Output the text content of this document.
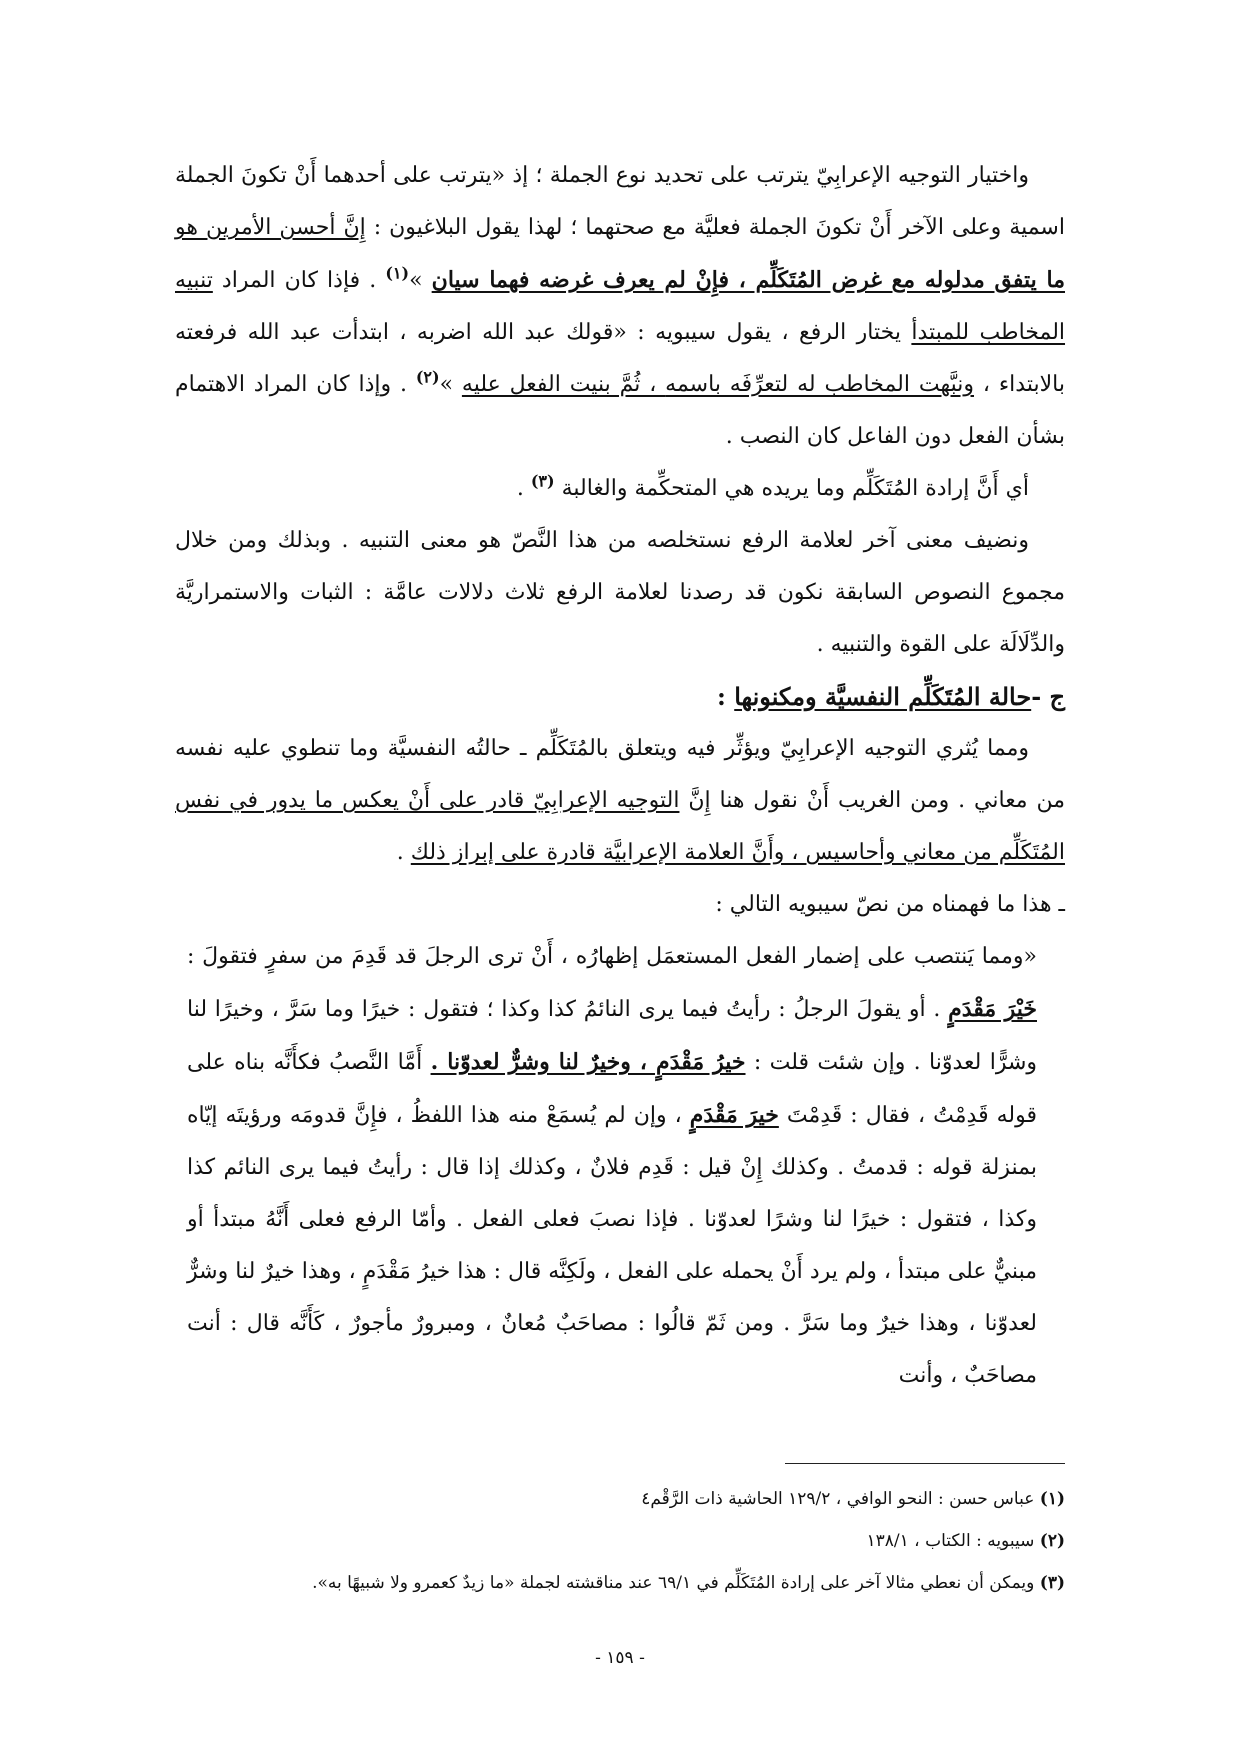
واختيار التوجيه الإعرابِيّ يترتب على تحديد نوع الجملة ؛ إذ «يترتب على أحدهما أَنْ تكونَ الجملة اسمية وعلى الآخر أَنْ تكونَ الجملة فعليَّة مع صحتهما ؛ لهذا يقول البلاغيون : إِنَّ أحسن الأمرين هو ما يتفق مدلوله مع غرض المُتَكَلِّم ، فإِنْ لم يعرف غرضه فهما سيان »$^{(١)}$ . فإذا كان المراد تنبيه المخاطب للمبتدأ يختار الرفع ، يقول سيبويه : «قولك عبد الله اضربه ، ابتدأت عبد الله فرفعته بالابتداء ، ونبَّهت المخاطب له لتعرِّفَه باسمه ، ثُمَّ بنيت الفعل عليه »$^{(٢)}$ . وإذا كان المراد الاهتمام بشأن الفعل دون الفاعل كان النصب .

أي أَنَّ إرادة المُتَكَلِّم وما يريده هي المتحكِّمة والغالبة $^{(٣)}$ .

ونضيف معنى آخر لعلامة الرفع نستخلصه من هذا النَّصّ هو معنى التنبيه . وبذلك ومن خلال مجموع النصوص السابقة نكون قد رصدنا لعلامة الرفع ثلاث دلالات عامَّة : الثبات والاستمراريَّة والدِّلَالَة على القوة والتنبيه .

ج -حالة المُتَكَلِّم النفسيَّة ومكنونها :

ومما يُثري التوجيه الإعرابِيّ ويؤثِّر فيه ويتعلق بالمُتَكَلِّم ـ حالتُه النفسيَّة وما تنطوي عليه نفسه من معاني . ومن الغريب أَنْ نقول هنا إِنَّ التوجيه الإعرابِيّ قادر على أَنْ يعكس ما يدور في نفس المُتَكَلِّم من معاني وأحاسيس ، وأَنَّ العلامة الإعرابيَّة قادرة على إبراز ذلك .

ـ هذا ما فهمناه من نصّ سيبويه التالي :

«ومما يَنتصب على إضمار الفعل المستعمَل إظهارُه ، أَنْ ترى الرجلَ قد قَدِمَ من سفرٍ فتقولَ : خَيْرَ مَقْدَمٍ . أو يقولَ الرجلُ : رأيتُ فيما يرى النائمُ كذا وكذا ؛ فتقول : خيرًا وما سَرَّ ، وخيرًا لنا وشرًّا لعدوّنا . وإن شئت قلت : خيرُ مَقْدَمٍ ، وخيرٌ لنا وشرٌّ لعدوّنا . أَمَّا النَّصبُ فكأَنَّه بناه على قوله قَدِمْتُ ، فقال : قَدِمْتَ خيرَ مَقْدَمٍ ، وإن لم يُسمَعْ منه هذا اللفظُ ، فإِنَّ قدومَه ورؤيتَه إيّاه بمنزلة قوله : قدمتُ . وكذلك إِنْ قيل : قَدِم فلانٌ ، وكذلك إذا قال : رأيتُ فيما يرى النائم كذا وكذا ، فتقول : خيرًا لنا وشرًا لعدوّنا . فإذا نصبَ فعلى الفعل . وأمّا الرفع فعلى أَنَّهُ مبتدأ أو مبنيٌّ على مبتدأ ، ولم يرد أَنْ يحمله على الفعل ، ولَكِنَّه قال : هذا خيرُ مَقْدَمٍ ، وهذا خيرٌ لنا وشرٌّ لعدوّنا ، وهذا خيرٌ وما سَرَّ . ومن ثَمّ قالُوا : مصاحَبٌ مُعانٌ ، ومبرورٌ مأجورٌ ، كَأَنَّه قال : أنت مصاحَبٌ ، وأنت

(١) عباس حسن : النحو الوافي ، ١٢٩/٢ الحاشية ذات الرَّقْم٤

(٢) سيبويه : الكتاب ، ١٣٨/١

(٣) ويمكن أن نعطي مثالا آخر على إرادة المُتَكَلِّم في ٦٩/١ عند مناقشته لجملة «ما زيدٌ كعمرو ولا شبيهًا به».

- ١٥٩ -
